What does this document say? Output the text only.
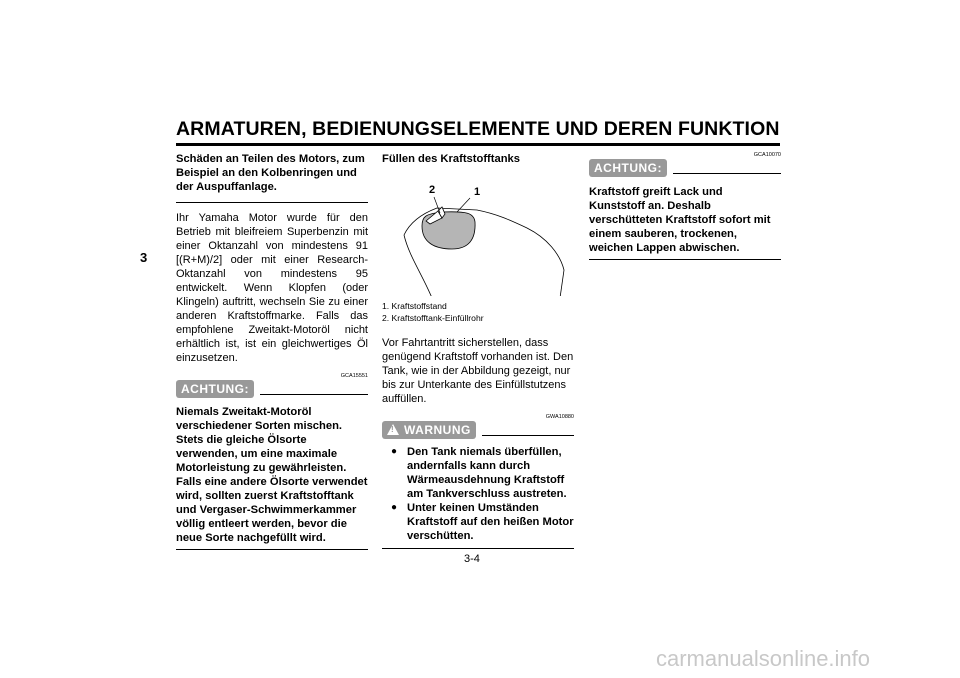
ARMATUREN, BEDIENUNGSELEMENTE UND DEREN FUNKTION
3
Schäden an Teilen des Motors, zum Beispiel an den Kolbenringen und der Auspuffanlage.
Ihr Yamaha Motor wurde für den Betrieb mit bleifreiem Superbenzin mit einer Oktanzahl von mindestens 91 [(R+M)/2] oder mit einer Research-Oktanzahl von mindestens 95 entwickelt. Wenn Klopfen (oder Klingeln) auftritt, wechseln Sie zu einer anderen Kraftstoffmarke. Falls das empfohlene Zweitakt-Motoröl nicht erhältlich ist, ist ein gleichwertiges Öl einzusetzen.
GCA15551
ACHTUNG:
Niemals Zweitakt-Motoröl verschiedener Sorten mischen. Stets die gleiche Ölsorte verwenden, um eine maximale Motorleistung zu gewährleisten. Falls eine andere Ölsorte verwendet wird, sollten zuerst Kraftstofftank und Vergaser-Schwimmerkammer völlig entleert werden, bevor die neue Sorte nachgefüllt wird.
Füllen des Kraftstofftanks
2	1
1. Kraftstoffstand
2. Kraftstofftank-Einfüllrohr
Vor Fahrtantritt sicherstellen, dass genügend Kraftstoff vorhanden ist. Den Tank, wie in der Abbildung gezeigt, nur bis zur Unterkante des Einfüllstutzens auffüllen.
GWA10880
!WARNUNG
● Den Tank niemals überfüllen, andernfalls kann durch Wärmeausdehnung Kraftstoff am Tankverschluss austreten.
● Unter keinen Umständen Kraftstoff auf den heißen Motor verschütten.
GCA10070
ACHTUNG:
Kraftstoff greift Lack und Kunststoff an. Deshalb verschütteten Kraftstoff sofort mit einem sauberen, trockenen, weichen Lappen abwischen.
3-4
carmanualsonline.info
